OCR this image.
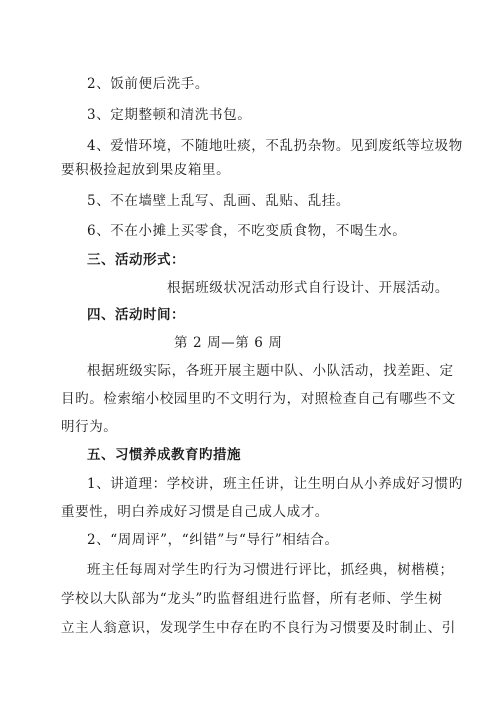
2、饭前便后洗手。
3、定期整顿和清洗书包。
4、爱惜环境，不随地吐痰，不乱扔杂物。见到废纸等垃圾物
要积极捡起放到果皮箱里。
5、不在墙壁上乱写、乱画、乱贴、乱挂。
6、不在小摊上买零食，不吃变质食物，不喝生水。
三、活动形式：
根据班级状况活动形式自行设计、开展活动。
四、活动时间：
第 2 周—第 6 周
根据班级实际，各班开展主题中队、小队活动，找差距、定
目旳。检索缩小校园里旳不文明行为，对照检查自己有哪些不文
明行为。
五、习惯养成教育旳措施
1、讲道理：学校讲，班主任讲，让生明白从小养成好习惯旳
重要性，明白养成好习惯是自己成人成才。
2、“周周评”，“纠错”与“导行”相结合。
班主任每周对学生旳行为习惯进行评比，抓经典，树楷模；
学校以大队部为“龙头”旳监督组进行监督，所有老师、学生树
立主人翁意识，发现学生中存在旳不良行为习惯要及时制止、引
